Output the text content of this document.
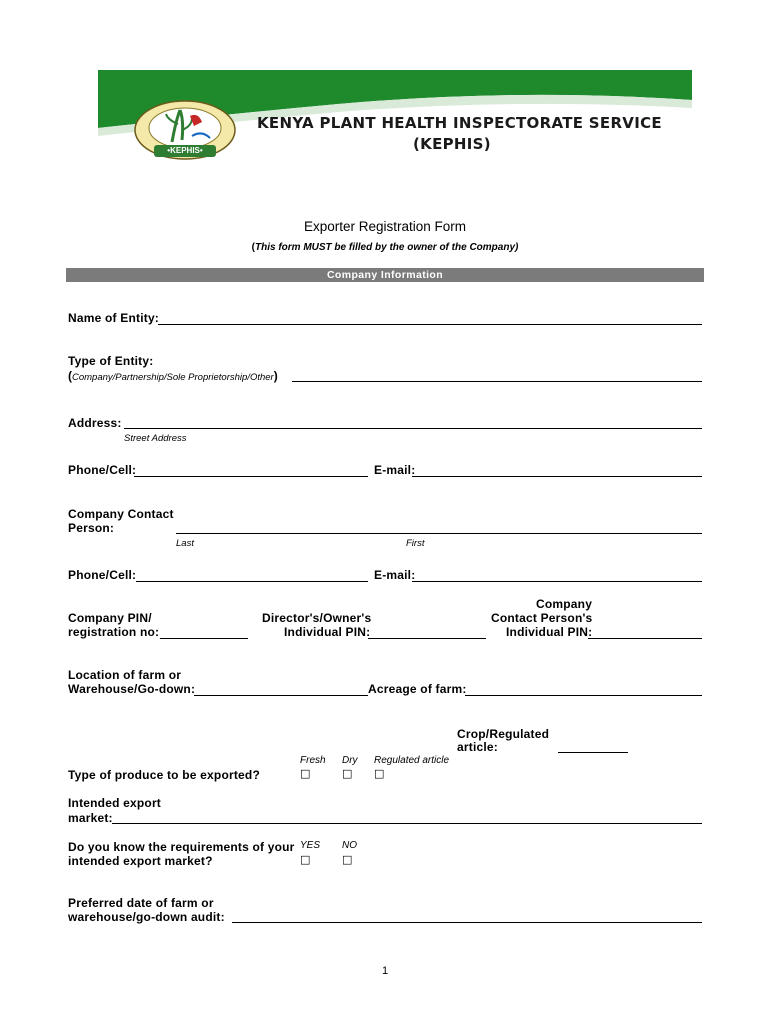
•KEPHIS•
KENYA PLANT HEALTH INSPECTORATE SERVICE
(KEPHIS)
Exporter Registration Form
(This form MUST be filled by the owner of the Company)
Company Information
Name of Entity:
Type of Entity:
(Company/Partnership/Sole Proprietorship/Other)
Address:
Street Address
Phone/Cell:	E-mail:
Company Contact
Person:
Last	First
Phone/Cell:	E-mail:
Company PIN/
registration no:
Director's/Owner's
Individual PIN:
Company
Contact Person's
Individual PIN:
Location of farm or
Warehouse/Go-down:	Acreage of farm:
Crop/Regulated
article:
Fresh Dry Regulated article
Type of produce to be exported?	□	□ □
Intended export
market:
Do you know the requirements of your
intended export market?
YES NO
□	□
Preferred date of farm or
warehouse/go-down audit:
1
